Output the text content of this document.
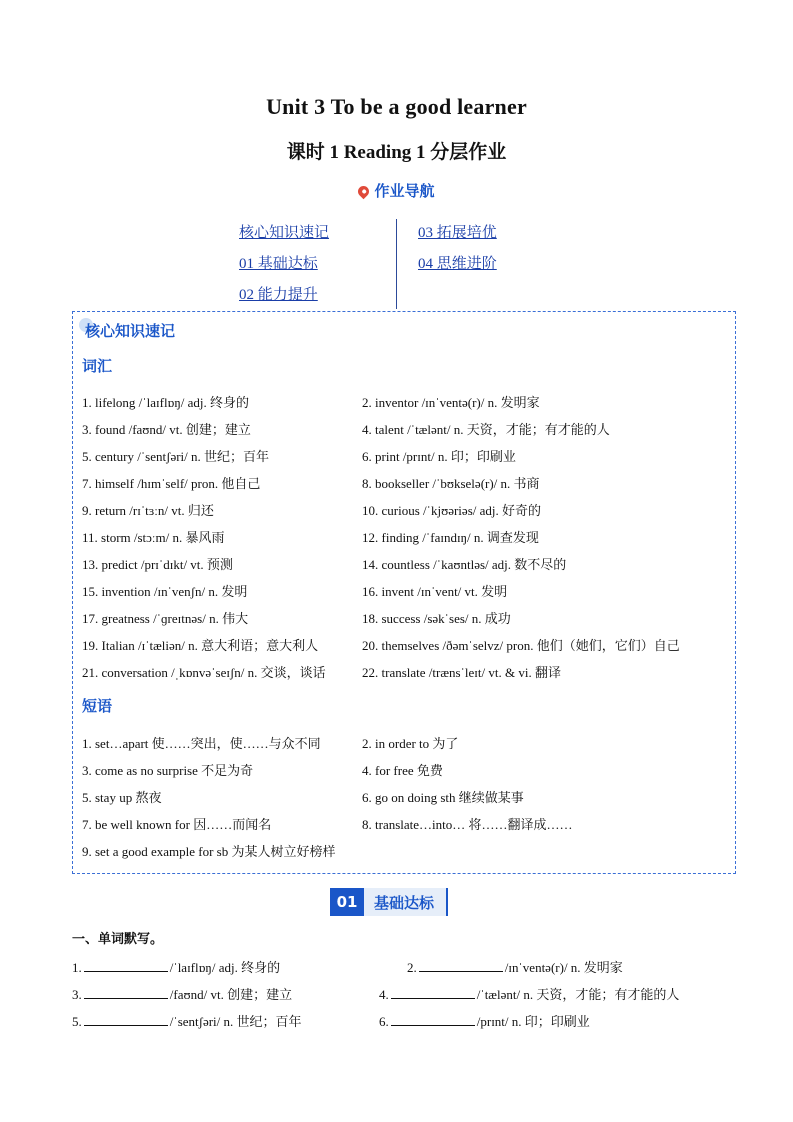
Unit 3 To be a good learner
课时 1 Reading 1 分层作业
作业导航
核心知识速记
01 基础达标
02 能力提升
03 拓展培优
04 思维进阶
核心知识速记
词汇
1. lifelong /ˈlaɪflɒŋ/ adj. 终身的	2. inventor /ɪnˈventə(r)/ n. 发明家
3. found /faʊnd/ vt. 创建；建立	4. talent /ˈtælənt/ n. 天资，才能；有才能的人
5. century /ˈsentʃəri/ n. 世纪；百年	6. print /prɪnt/ n. 印；印刷业
7. himself /hɪmˈself/ pron. 他自己	8. bookseller /ˈbʊkselə(r)/ n. 书商
9. return /rɪˈtɜːn/ vt. 归还	10. curious /ˈkjʊəriəs/ adj. 好奇的
11. storm /stɔːm/ n. 暴风雨	12. finding /ˈfaɪndɪŋ/ n. 调查发现
13. predict /prɪˈdɪkt/ vt. 预测	14. countless /ˈkaʊntləs/ adj. 数不尽的
15. invention /ɪnˈvenʃn/ n. 发明	16. invent /ɪnˈvent/ vt. 发明
17. greatness /ˈɡreɪtnəs/ n. 伟大	18. success /səkˈses/ n. 成功
19. Italian /ɪˈtæliən/ n. 意大利语；意大利人	20. themselves /ðəmˈselvz/ pron. 他们（她们，它们）自己
21. conversation /ˌkɒnvəˈseɪʃn/ n. 交谈，谈话	22. translate /trænsˈleɪt/ vt. & vi. 翻译
短语
1. set…apart 使……突出，使……与众不同	2. in order to 为了
3. come as no surprise 不足为奇	4. for free 免费
5. stay up 熬夜	6. go on doing sth 继续做某事
7. be well known for 因……而闻名	8. translate…into… 将……翻译成……
9. set a good example for sb 为某人树立好榜样
01	基础达标
一、单词默写。
1.	/ˈlaɪflɒŋ/ adj. 终身的	2.	/ɪnˈventə(r)/ n. 发明家
3.	/faʊnd/ vt. 创建；建立	4.	/ˈtælənt/ n. 天资，才能；有才能的人
5.	/ˈsentʃəri/ n. 世纪；百年	6.	/prɪnt/ n. 印；印刷业
